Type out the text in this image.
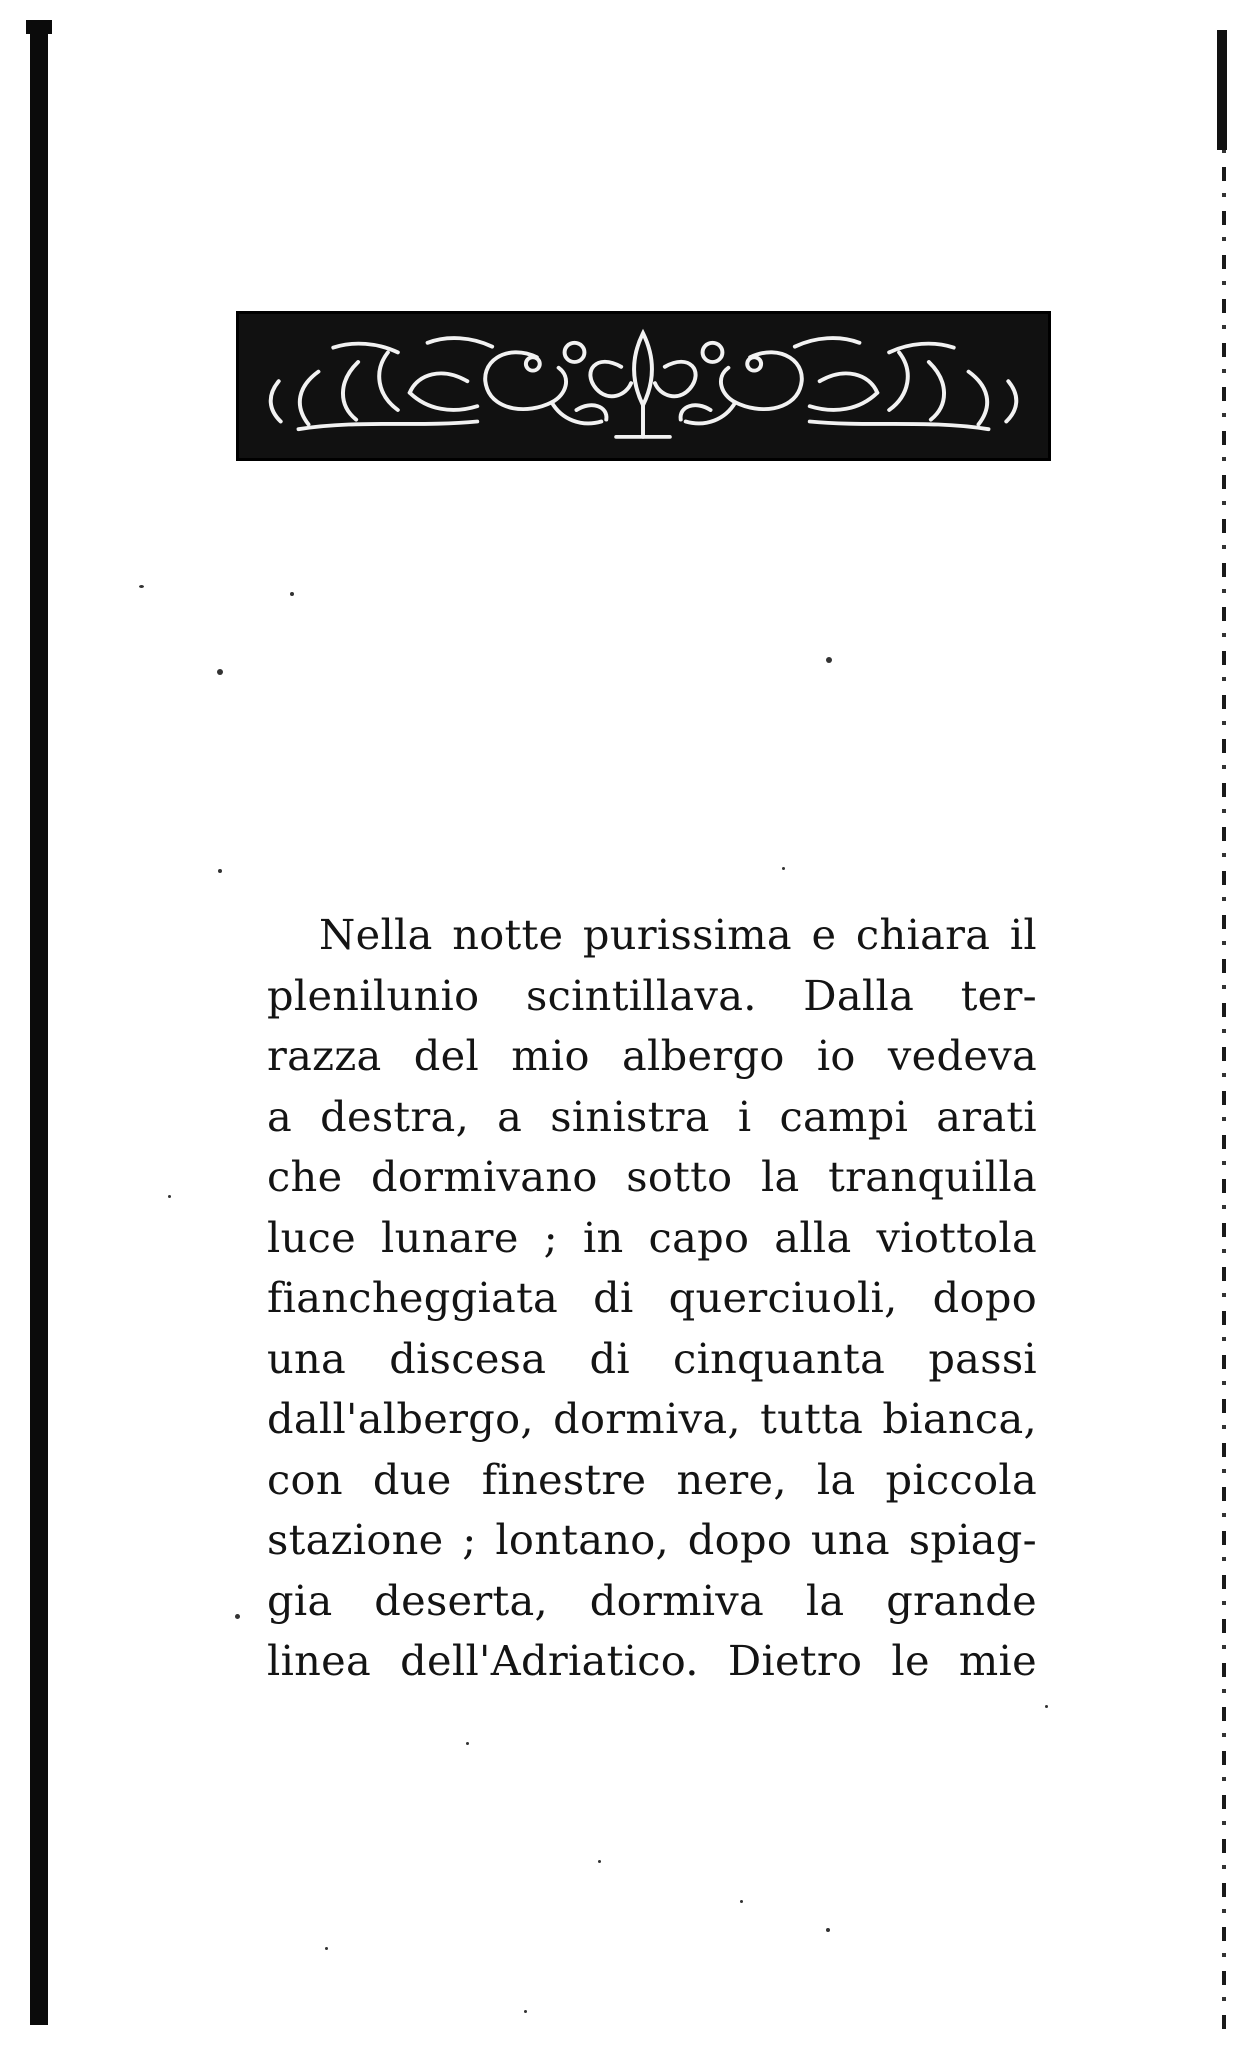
Nella notte purissima e chiara il
plenilunio scintillava. Dalla ter-
razza del mio albergo io vedeva
a destra, a sinistra i campi arati
che dormivano sotto la tranquilla
luce lunare ; in capo alla viottola
fiancheggiata di querciuoli, dopo
una discesa di cinquanta passi
dall'albergo, dormiva, tutta bianca,
con due finestre nere, la piccola
stazione ; lontano, dopo una spiag-
gia deserta, dormiva la grande
linea dell'Adriatico. Dietro le mie
